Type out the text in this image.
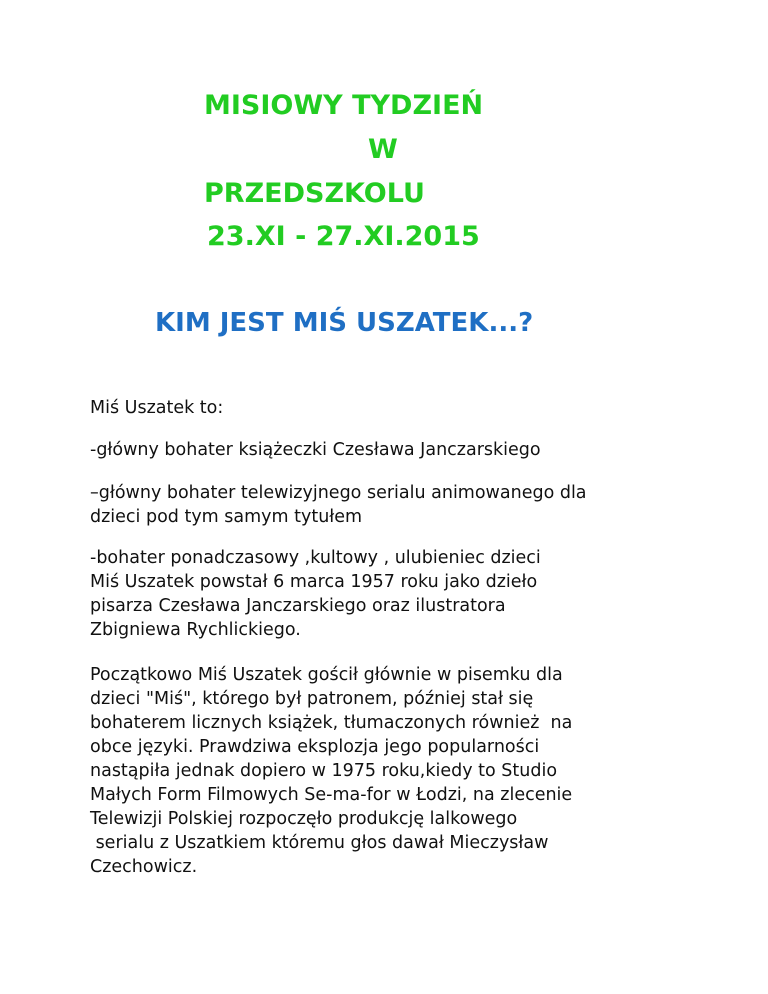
MISIOWY TYDZIEŃ
W
PRZEDSZKOLU
23.XI - 27.XI.2015
KIM JEST MIŚ USZATEK...?

Miś Uszatek to:

-główny bohater książeczki Czesława Janczarskiego

–główny bohater telewizyjnego serialu animowanego dla

dzieci pod tym samym tytułem

-bohater ponadczasowy ,kultowy , ulubieniec dzieci

Miś Uszatek powstał 6 marca 1957 roku jako dzieło

pisarza Czesława Janczarskiego oraz ilustratora

Zbigniewa Rychlickiego.

Początkowo Miś Uszatek gościł głównie w pisemku dla

dzieci "Miś", którego był patronem, później stał się

bohaterem licznych książek, tłumaczonych również  na

obce języki. Prawdziwa eksplozja jego popularności

nastąpiła jednak dopiero w 1975 roku,kiedy to Studio

Małych Form Filmowych Se-ma-for w Łodzi, na zlecenie

Telewizji Polskiej rozpoczęło produkcję lalkowego

serialu z Uszatkiem któremu głos dawał Mieczysław

Czechowicz.
